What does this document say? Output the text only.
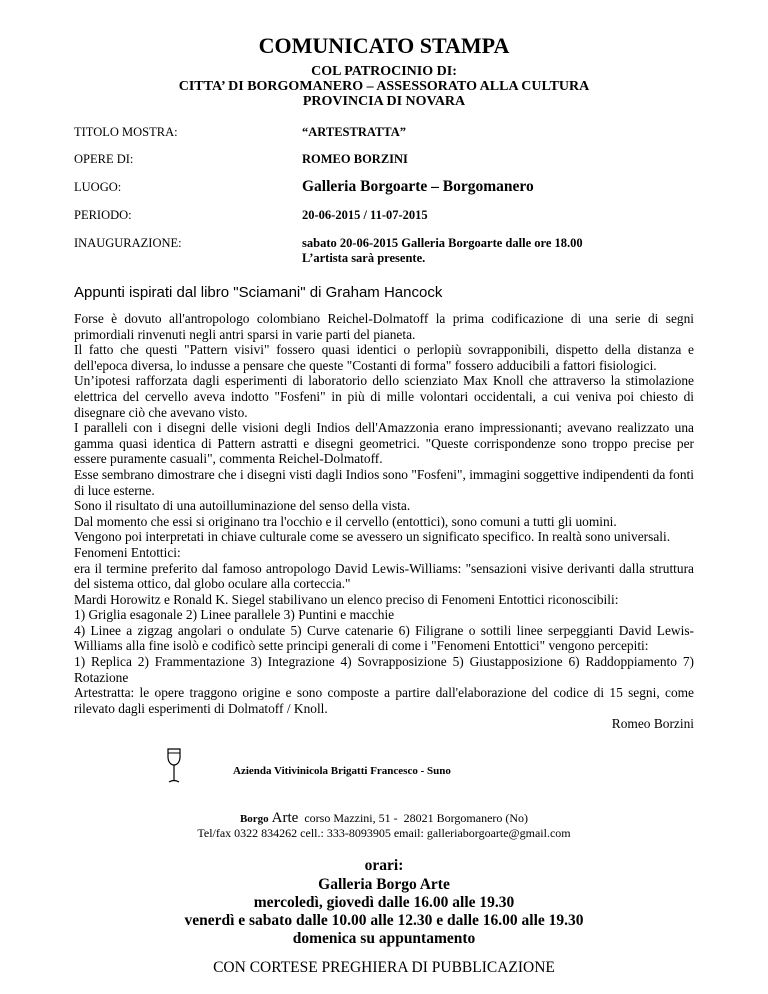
COMUNICATO STAMPA
COL PATROCINIO DI:
CITTA’ DI BORGOMANERO – ASSESSORATO ALLA CULTURA
PROVINCIA DI NOVARA
TITOLO MOSTRA:	“ARTESTRATTA”
OPERE DI:	ROMEO BORZINI
LUOGO:	Galleria Borgoarte – Borgomanero
PERIODO:	20-06-2015 / 11-07-2015
INAUGURAZIONE:	sabato 20-06-2015 Galleria Borgoarte dalle ore 18.00
L’artista sarà presente.
Appunti ispirati dal libro "Sciamani" di Graham Hancock

Forse è dovuto all'antropologo colombiano Reichel-Dolmatoff la prima codificazione di una serie di segni primordiali rinvenuti negli antri sparsi in varie parti del pianeta.

Il fatto che questi "Pattern visivi" fossero quasi identici o perlopiù sovrapponibili, dispetto della distanza e dell'epoca diversa, lo indusse a pensare che queste "Costanti di forma" fossero adducibili a fattori fisiologici.

Un’ipotesi rafforzata dagli esperimenti di laboratorio dello scienziato Max Knoll che attraverso la stimolazione elettrica del cervello aveva indotto "Fosfeni" in più di mille volontari occidentali, a cui veniva poi chiesto di disegnare ciò che avevano visto.

I paralleli con i disegni delle visioni degli Indios dell'Amazzonia erano impressionanti; avevano realizzato una gamma quasi identica di Pattern astratti e disegni geometrici. "Queste corrispondenze sono troppo precise per essere puramente casuali", commenta Reichel-Dolmatoff.

Esse sembrano dimostrare che i disegni visti dagli Indios sono "Fosfeni", immagini soggettive indipendenti da fonti di luce esterne.

Sono il risultato di una autoilluminazione del senso della vista.

Dal momento che essi si originano tra l'occhio e il cervello (entottici), sono comuni a tutti gli uomini.

Vengono poi interpretati in chiave culturale come se avessero un significato specifico. In realtà sono universali.

Fenomeni Entottici:

era il termine preferito dal famoso antropologo David Lewis-Williams: "sensazioni visive derivanti dalla struttura del sistema ottico, dal globo oculare alla corteccia."

Mardi Horowitz e Ronald K. Siegel stabilivano un elenco preciso di Fenomeni Entottici riconoscibili:

1) Griglia esagonale 2) Linee parallele 3) Puntini e macchie

4) Linee a zigzag angolari o ondulate 5) Curve catenarie 6) Filigrane o sottili linee serpeggianti David Lewis-Williams alla fine isolò e codificò sette principi generali di come i "Fenomeni Entottici" vengono percepiti:

1) Replica 2) Frammentazione 3) Integrazione 4) Sovrapposizione 5) Giustapposizione 6) Raddoppiamento 7) Rotazione

Artestratta: le opere traggono origine e sono composte a partire dall'elaborazione del codice di 15 segni, come rilevato dagli esperimenti di Dolmatoff / Knoll.

Romeo Borzini

Azienda Vitivinicola Brigatti Francesco - Suno
Borgo Arte  corso Mazzini, 51 -  28021 Borgomanero (No)
Tel/fax 0322 834262 cell.: 333-8093905 email: galleriaborgoarte@gmail.com
orari:
Galleria Borgo Arte
mercoledì, giovedì dalle 16.00 alle 19.30
venerdì e sabato dalle 10.00 alle 12.30 e dalle 16.00 alle 19.30
domenica su appuntamento
CON CORTESE PREGHIERA DI PUBBLICAZIONE
